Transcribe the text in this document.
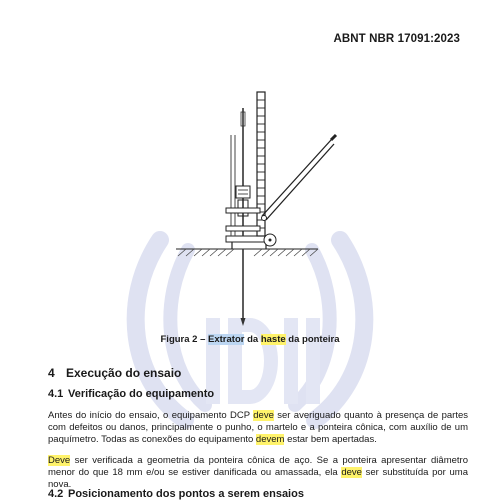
ABNT NBR 17091:2023
Figura 2 – Extrator da haste da ponteira
4 Execução do ensaio
4.1 Verificação do equipamento
Antes do início do ensaio, o equipamento DCP deve ser averiguado quanto à presença de partes com defeitos ou danos, principalmente o punho, o martelo e a ponteira cônica, com auxílio de um paquímetro. Todas as conexões do equipamento devem estar bem apertadas.
Deve ser verificada a geometria da ponteira cônica de aço. Se a ponteira apresentar diâmetro menor do que 18 mm e/ou se estiver danificada ou amassada, ela deve ser substituída por uma nova.
4.2 Posicionamento dos pontos a serem ensaios
